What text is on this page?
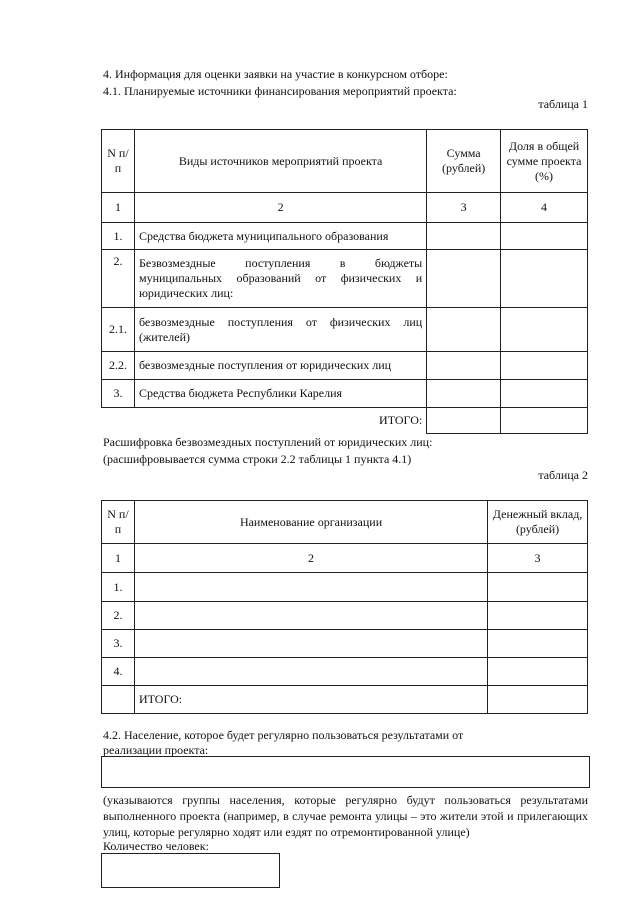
4. Информация для оценки заявки на участие в конкурсном отборе:
4.1. Планируемые источники финансирования мероприятий проекта:
таблица 1
N п/п	Виды источников мероприятий проекта	Сумма (рублей)	Доля в общей сумме проекта (%)
1	2	3	4
1.	Средства бюджета муниципального образования		
2.	Безвозмездные поступления в бюджеты муниципальных образований от физических и юридических лиц:		
2.1.	безвозмездные поступления от физических лиц (жителей)		
2.2.	безвозмездные поступления от юридических лиц		
3.	Средства бюджета Республики Карелия		
	ИТОГО:		
Расшифровка безвозмездных поступлений от юридических лиц:
(расшифровывается сумма строки 2.2 таблицы 1 пункта 4.1)
таблица 2
N п/п	Наименование организации	Денежный вклад, (рублей)
1	2	3
1.		
2.		
3.		
4.		
	ИТОГО:	
4.2. Население, которое будет регулярно пользоваться результатами от
реализации проекта:
(указываются группы населения, которые регулярно будут пользоваться результатами выполненного проекта (например, в случае ремонта улицы – это жители этой и прилегающих улиц, которые регулярно ходят или ездят по отремонтированной улице)
Количество человек:
